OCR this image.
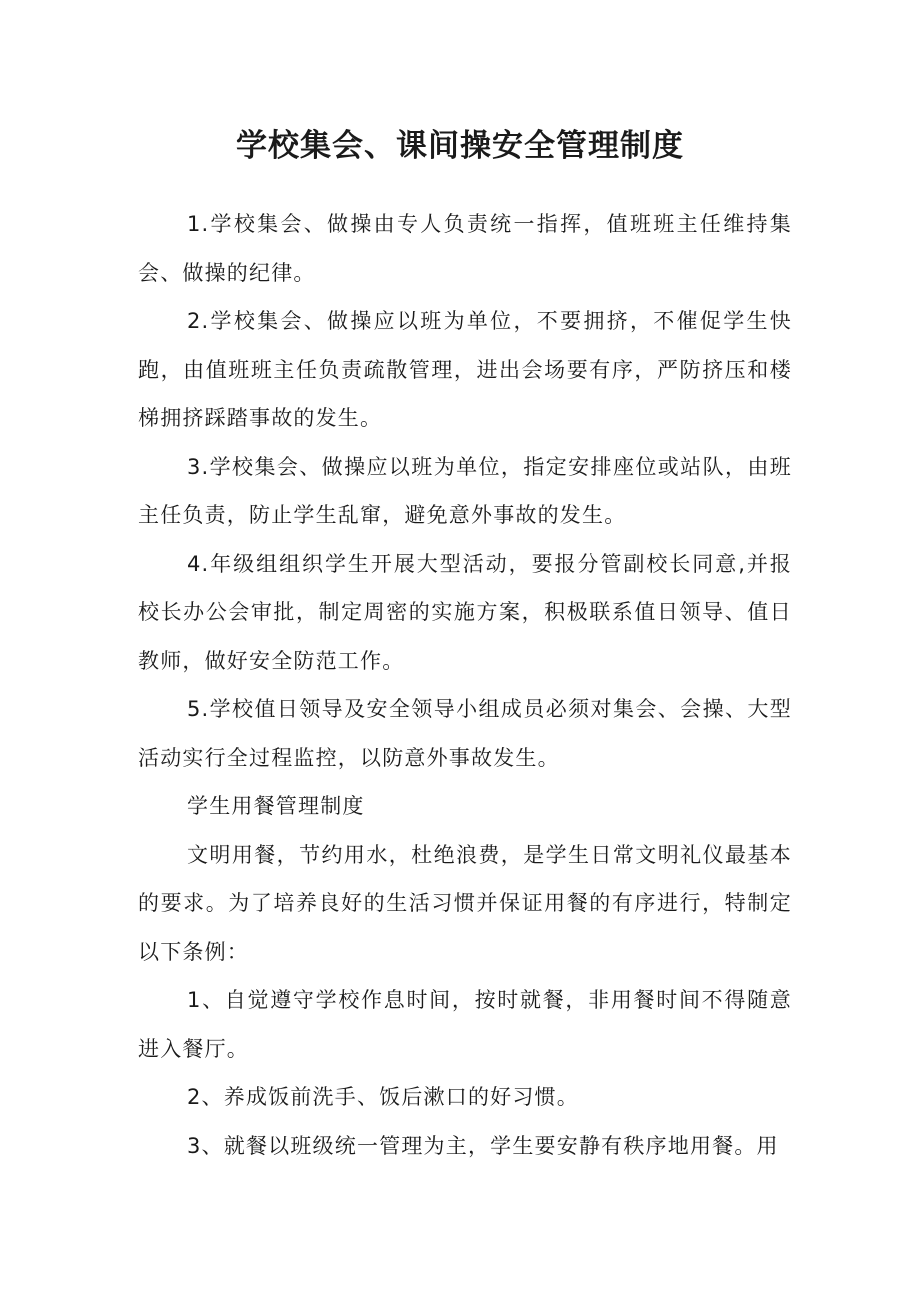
学校集会、课间操安全管理制度

1.学校集会、做操由专人负责统一指挥，值班班主任维持集会、做操的纪律。

2.学校集会、做操应以班为单位，不要拥挤，不催促学生快跑，由值班班主任负责疏散管理，进出会场要有序，严防挤压和楼梯拥挤踩踏事故的发生。

3.学校集会、做操应以班为单位，指定安排座位或站队，由班主任负责，防止学生乱窜，避免意外事故的发生。

4.年级组组织学生开展大型活动，要报分管副校长同意,并报校长办公会审批，制定周密的实施方案，积极联系值日领导、值日教师，做好安全防范工作。

5.学校值日领导及安全领导小组成员必须对集会、会操、大型活动实行全过程监控，以防意外事故发生。

学生用餐管理制度

文明用餐，节约用水，杜绝浪费，是学生日常文明礼仪最基本的要求。为了培养良好的生活习惯并保证用餐的有序进行，特制定以下条例：

1、自觉遵守学校作息时间，按时就餐，非用餐时间不得随意进入餐厅。

2、养成饭前洗手、饭后漱口的好习惯。

3、就餐以班级统一管理为主，学生要安静有秩序地用餐。用
